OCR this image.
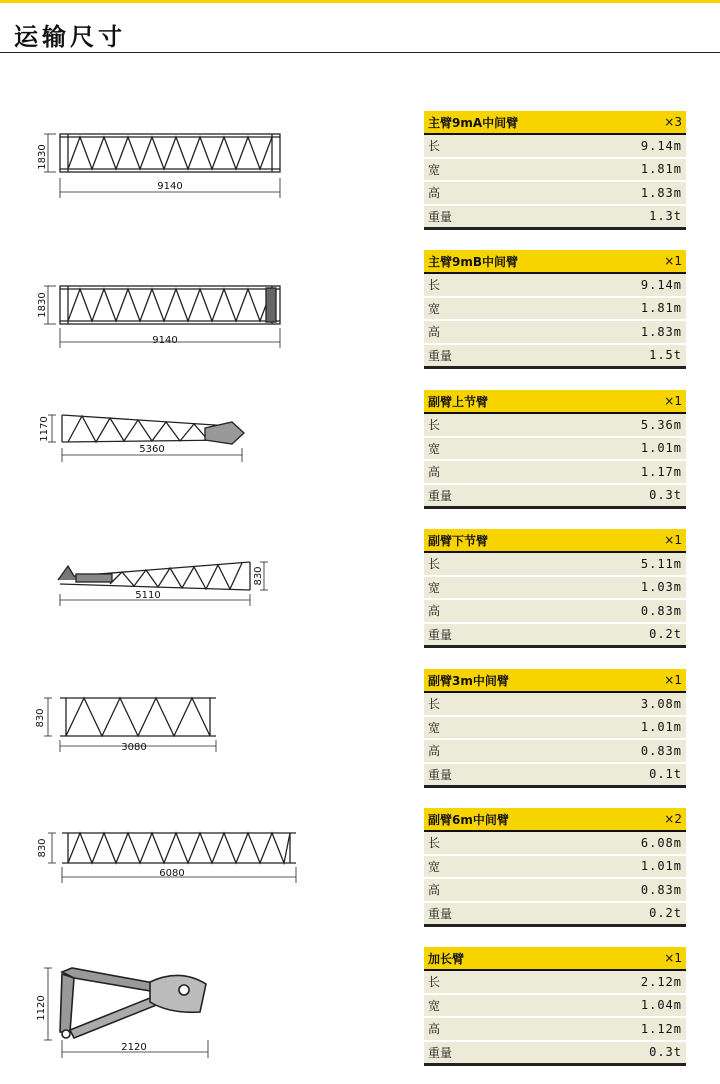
运输尺寸
9140
1830
9140
1830
5360
1170
5110
830
3080
830
6080
830
2120
1120
主臂9mA中间臂	×3
长	9.14m
宽	1.81m
高	1.83m
重量	1.3t
主臂9mB中间臂	×1
长	9.14m
宽	1.81m
高	1.83m
重量	1.5t
副臂上节臂	×1
长	5.36m
宽	1.01m
高	1.17m
重量	0.3t
副臂下节臂	×1
长	5.11m
宽	1.03m
高	0.83m
重量	0.2t
副臂3m中间臂	×1
长	3.08m
宽	1.01m
高	0.83m
重量	0.1t
副臂6m中间臂	×2
长	6.08m
宽	1.01m
高	0.83m
重量	0.2t
加长臂	×1
长	2.12m
宽	1.04m
高	1.12m
重量	0.3t
